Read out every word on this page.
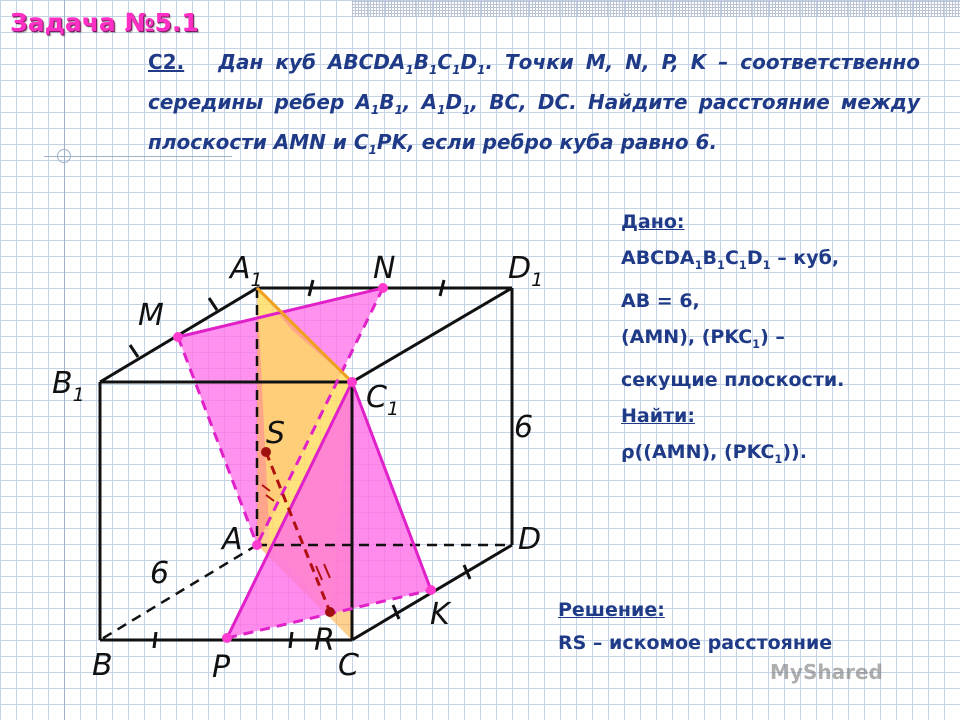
Задача №5.1
C2. Дан куб $ABCDA_1B_1C_1D_1$. Точки M, N, P, K – соответственно середины ребер $A_1B_1$, $A_1D_1$, BC, DC. Найдите расстояние между плоскости AMN и $C_1PK$, если ребро куба равно 6.
Дано:
$ABCDA_1B_1C_1D_1$ – куб,
AB = 6,
(AMN), $(PKC_1)$ –
секущие плоскости.
Найти:
ρ((AMN), $(PKC_1)$).
Решение:
RS – искомое расстояние
$A_1$	N	$D_1$
M
$B_1$	$C_1$
6
S
A	D
6
K
R
B	P	C	MyShared
